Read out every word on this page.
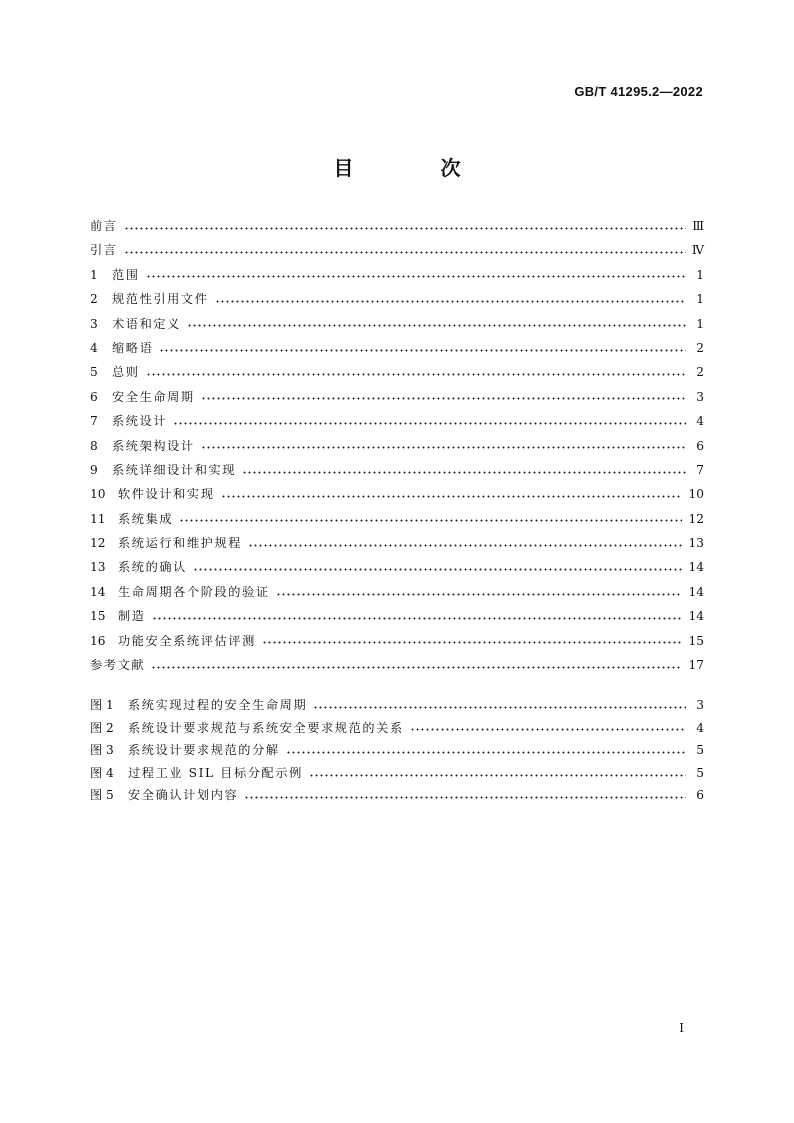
GB/T 41295.2—2022
目 次
前言	Ⅲ
引言	Ⅳ
1	范围	1
2	规范性引用文件	1
3	术语和定义	1
4	缩略语	2
5	总则	2
6	安全生命周期	3
7	系统设计	4
8	系统架构设计	6
9	系统详细设计和实现	7
10	软件设计和实现	10
11	系统集成	12
12	系统运行和维护规程	13
13	系统的确认	14
14	生命周期各个阶段的验证	14
15	制造	14
16	功能安全系统评估评测	15
参考文献	17
图 1	系统实现过程的安全生命周期	3
图 2	系统设计要求规范与系统安全要求规范的关系	4
图 3	系统设计要求规范的分解	5
图 4	过程工业 SIL 目标分配示例	5
图 5	安全确认计划内容	6
I
